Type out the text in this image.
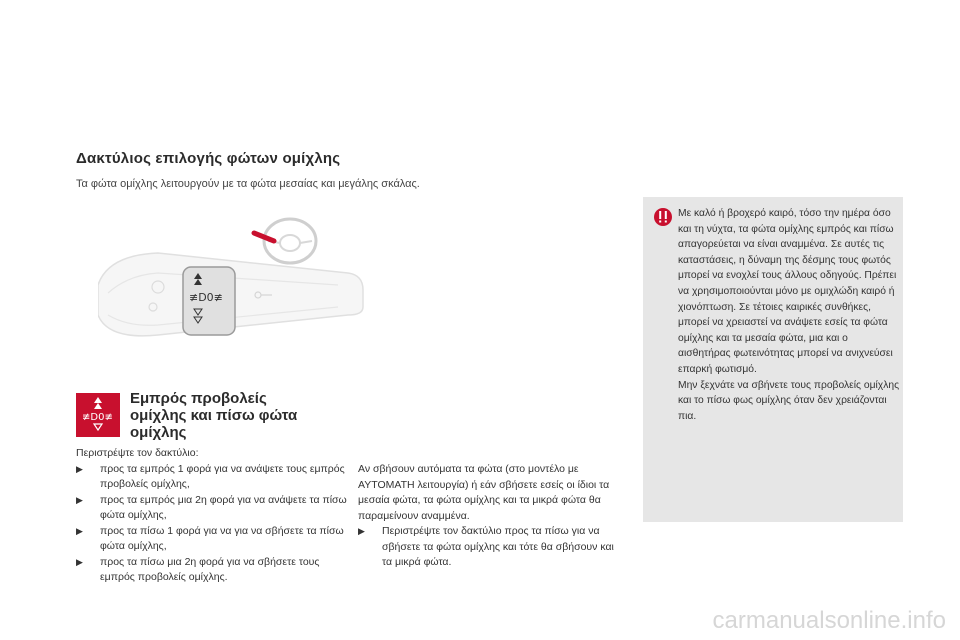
Δακτύλιος επιλογής φώτων ομίχλης
Τα φώτα ομίχλης λειτουργούν με τα φώτα μεσαίας και μεγάλης σκάλας.
≢D0≢
≢D0≢
Εμπρός προβολείς
ομίχλης και πίσω φώτα
ομίχλης
Περιστρέψτε τον δακτύλιο:
▶	προς τα εμπρός 1 φορά για να ανάψετε τους εμπρός προβολείς ομίχλης,
▶	προς τα εμπρός μια 2η φορά για να ανάψετε τα πίσω φώτα ομίχλης,
▶	προς τα πίσω 1 φορά για να για να σβήσετε τα πίσω φώτα ομίχλης,
▶	προς τα πίσω μια 2η φορά για να σβήσετε τους εμπρός προβολείς ομίχλης.
Αν σβήσουν αυτόματα τα φώτα (στο μοντέλο με AYTOMATH λειτουργία) ή εάν σβήσετε εσείς οι ίδιοι τα μεσαία φώτα, τα φώτα ομίχλης και τα μικρά φώτα θα παραμείνουν αναμμένα.
▶	Περιστρέψτε τον δακτύλιο προς τα πίσω για να σβήσετε τα φώτα ομίχλης και τότε θα σβήσουν και τα μικρά φώτα.
Με καλό ή βροχερό καιρό, τόσο την ημέρα όσο και τη νύχτα, τα φώτα ομίχλης εμπρός και πίσω απαγορεύεται να είναι αναμμένα. Σε αυτές τις καταστάσεις, η δύναμη της δέσμης τους φωτός μπορεί να ενοχλεί τους άλλους οδηγούς. Πρέπει να χρησιμοποιούνται μόνο με ομιχλώδη καιρό ή χιονόπτωση. Σε τέτοιες καιρικές συνθήκες, μπορεί να χρειαστεί να ανάψετε εσείς τα φώτα ομίχλης και τα μεσαία φώτα, μια και ο αισθητήρας φωτεινότητας μπορεί να ανιχνεύσει επαρκή φωτισμό.
Μην ξεχνάτε να σβήνετε τους προβολείς ομίχλης και το πίσω φως ομίχλης όταν δεν χρειάζονται πια.
carmanualsonline.info
